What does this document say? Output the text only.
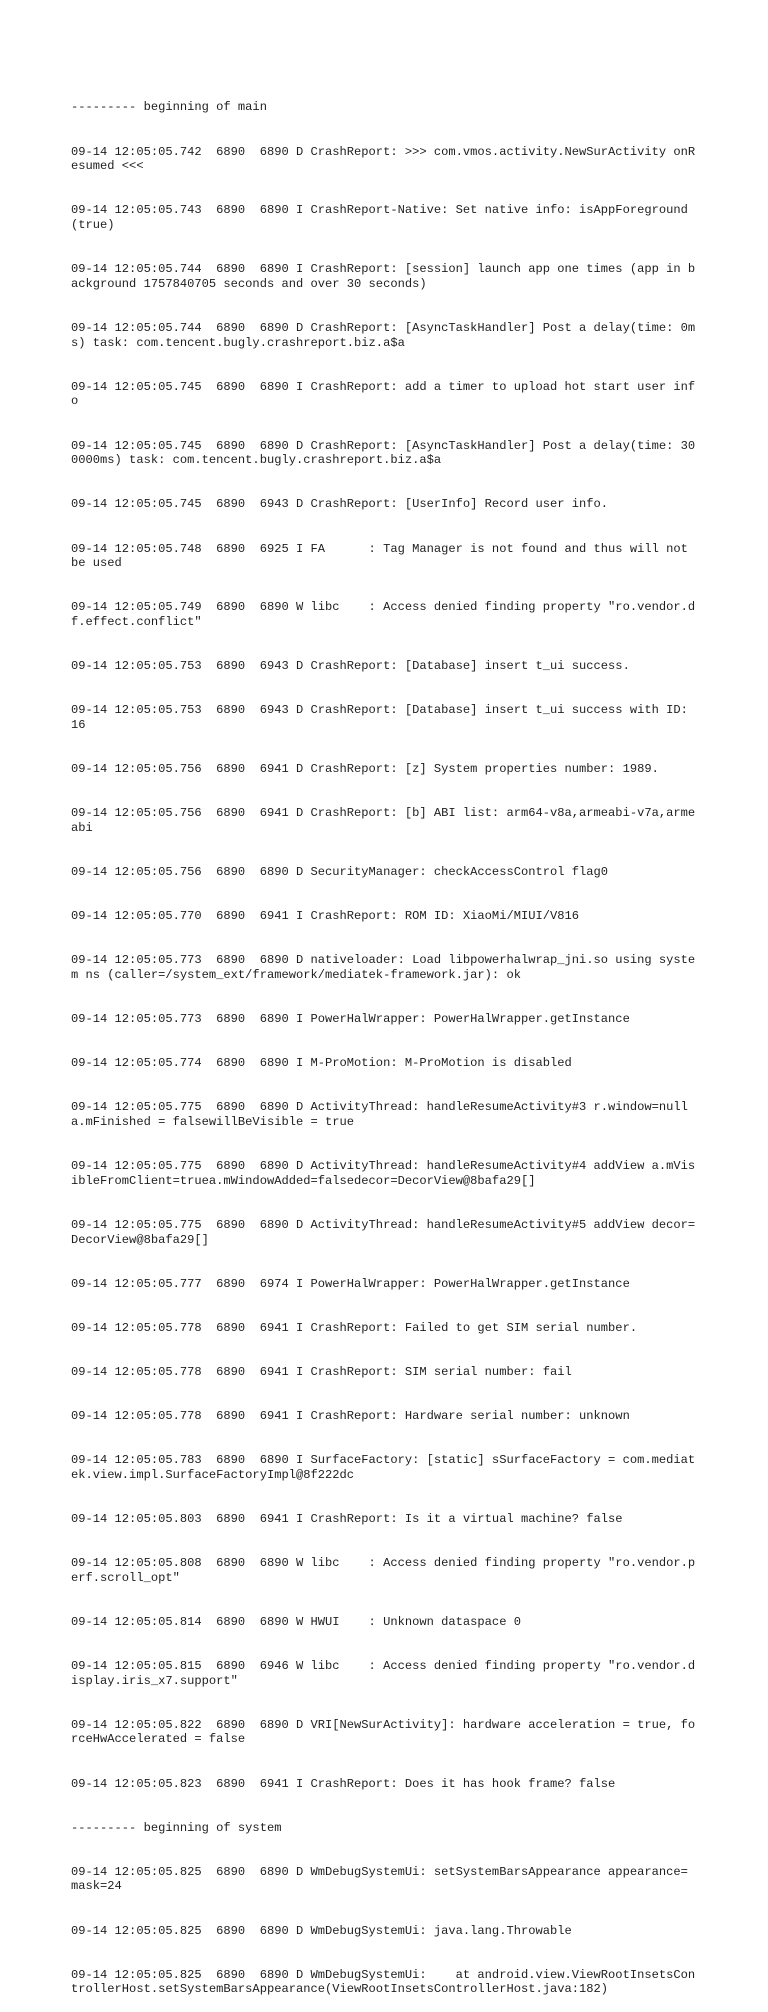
--------- beginning of main

09-14 12:05:05.742  6890  6890 D CrashReport: >>> com.vmos.activity.NewSurActivity onResumed <<<

09-14 12:05:05.743  6890  6890 I CrashReport-Native: Set native info: isAppForeground(true)

09-14 12:05:05.744  6890  6890 I CrashReport: [session] launch app one times (app in background 1757840705 seconds and over 30 seconds)

09-14 12:05:05.744  6890  6890 D CrashReport: [AsyncTaskHandler] Post a delay(time: 0ms) task: com.tencent.bugly.crashreport.biz.a$a

09-14 12:05:05.745  6890  6890 I CrashReport: add a timer to upload hot start user info

09-14 12:05:05.745  6890  6890 D CrashReport: [AsyncTaskHandler] Post a delay(time: 300000ms) task: com.tencent.bugly.crashreport.biz.a$a

09-14 12:05:05.745  6890  6943 D CrashReport: [UserInfo] Record user info.

09-14 12:05:05.748  6890  6925 I FA      : Tag Manager is not found and thus will not be used

09-14 12:05:05.749  6890  6890 W libc    : Access denied finding property "ro.vendor.df.effect.conflict"

09-14 12:05:05.753  6890  6943 D CrashReport: [Database] insert t_ui success.

09-14 12:05:05.753  6890  6943 D CrashReport: [Database] insert t_ui success with ID: 16

09-14 12:05:05.756  6890  6941 D CrashReport: [z] System properties number: 1989.

09-14 12:05:05.756  6890  6941 D CrashReport: [b] ABI list: arm64-v8a,armeabi-v7a,armeabi

09-14 12:05:05.756  6890  6890 D SecurityManager: checkAccessControl flag0

09-14 12:05:05.770  6890  6941 I CrashReport: ROM ID: XiaoMi/MIUI/V816

09-14 12:05:05.773  6890  6890 D nativeloader: Load libpowerhalwrap_jni.so using system ns (caller=/system_ext/framework/mediatek-framework.jar): ok

09-14 12:05:05.773  6890  6890 I PowerHalWrapper: PowerHalWrapper.getInstance

09-14 12:05:05.774  6890  6890 I M-ProMotion: M-ProMotion is disabled

09-14 12:05:05.775  6890  6890 D ActivityThread: handleResumeActivity#3 r.window=nulla.mFinished = falsewillBeVisible = true

09-14 12:05:05.775  6890  6890 D ActivityThread: handleResumeActivity#4 addView a.mVisibleFromClient=truea.mWindowAdded=falsedecor=DecorView@8bafa29[]

09-14 12:05:05.775  6890  6890 D ActivityThread: handleResumeActivity#5 addView decor=DecorView@8bafa29[]

09-14 12:05:05.777  6890  6974 I PowerHalWrapper: PowerHalWrapper.getInstance

09-14 12:05:05.778  6890  6941 I CrashReport: Failed to get SIM serial number.

09-14 12:05:05.778  6890  6941 I CrashReport: SIM serial number: fail

09-14 12:05:05.778  6890  6941 I CrashReport: Hardware serial number: unknown

09-14 12:05:05.783  6890  6890 I SurfaceFactory: [static] sSurfaceFactory = com.mediatek.view.impl.SurfaceFactoryImpl@8f222dc

09-14 12:05:05.803  6890  6941 I CrashReport: Is it a virtual machine? false

09-14 12:05:05.808  6890  6890 W libc    : Access denied finding property "ro.vendor.perf.scroll_opt"

09-14 12:05:05.814  6890  6890 W HWUI    : Unknown dataspace 0

09-14 12:05:05.815  6890  6946 W libc    : Access denied finding property "ro.vendor.display.iris_x7.support"

09-14 12:05:05.822  6890  6890 D VRI[NewSurActivity]: hardware acceleration = true, forceHwAccelerated = false

09-14 12:05:05.823  6890  6941 I CrashReport: Does it has hook frame? false

--------- beginning of system

09-14 12:05:05.825  6890  6890 D WmDebugSystemUi: setSystemBarsAppearance appearance= mask=24

09-14 12:05:05.825  6890  6890 D WmDebugSystemUi: java.lang.Throwable

09-14 12:05:05.825  6890  6890 D WmDebugSystemUi:    at android.view.ViewRootInsetsControllerHost.setSystemBarsAppearance(ViewRootInsetsControllerHost.java:182)
